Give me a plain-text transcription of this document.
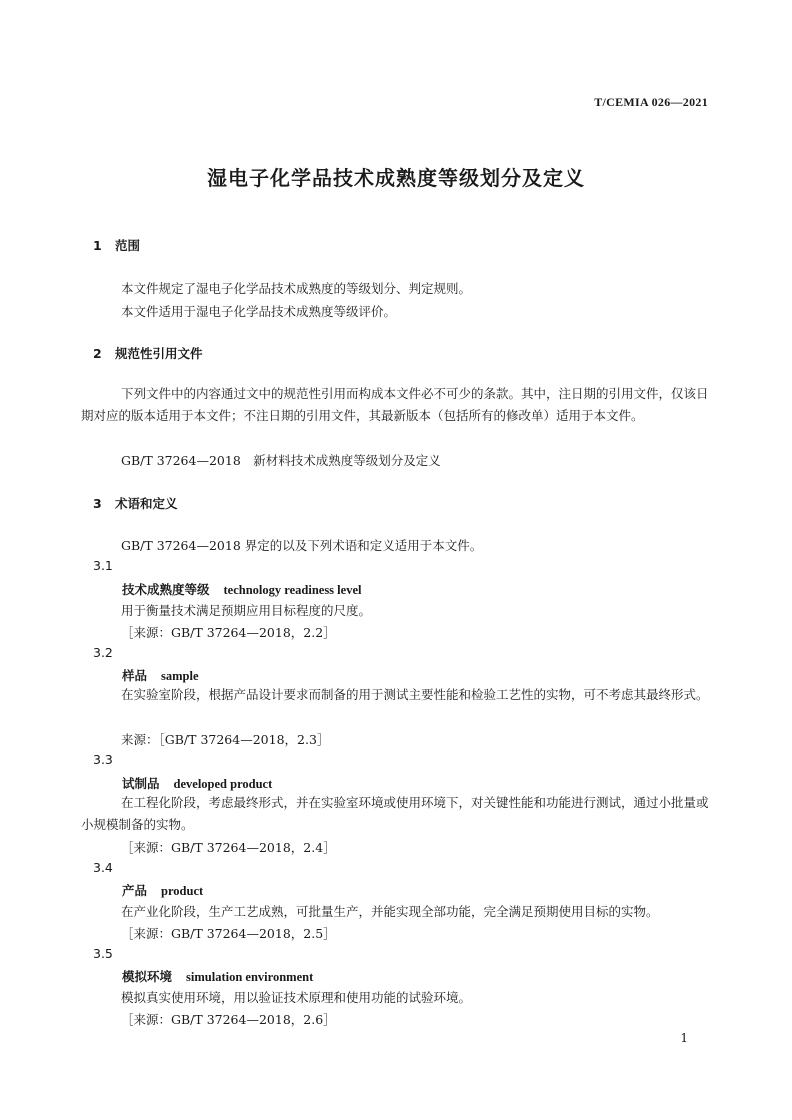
T/CEMIA 026—2021
湿电子化学品技术成熟度等级划分及定义
1 范围
本文件规定了湿电子化学品技术成熟度的等级划分、判定规则。
本文件适用于湿电子化学品技术成熟度等级评价。
2 规范性引用文件
下列文件中的内容通过文中的规范性引用而构成本文件必不可少的条款。其中，注日期的引用文件，仅该日期对应的版本适用于本文件；不注日期的引用文件，其最新版本（包括所有的修改单）适用于本文件。
GB/T 37264—2018　新材料技术成熟度等级划分及定义
3 术语和定义
GB/T 37264—2018 界定的以及下列术语和定义适用于本文件。
3.1
技术成熟度等级 technology readiness level
用于衡量技术满足预期应用目标程度的尺度。
［来源：GB/T 37264—2018，2.2］
3.2
样品 sample
在实验室阶段，根据产品设计要求而制备的用于测试主要性能和检验工艺性的实物，可不考虑其最终形式。
来源：［GB/T 37264—2018，2.3］
3.3
试制品 developed product
在工程化阶段，考虑最终形式，并在实验室环境或使用环境下，对关键性能和功能进行测试，通过小批量或小规模制备的实物。
［来源：GB/T 37264—2018，2.4］
3.4
产品 product
在产业化阶段，生产工艺成熟，可批量生产，并能实现全部功能，完全满足预期使用目标的实物。
［来源：GB/T 37264—2018，2.5］
3.5
模拟环境 simulation environment
模拟真实使用环境，用以验证技术原理和使用功能的试验环境。
［来源：GB/T 37264—2018，2.6］
1
